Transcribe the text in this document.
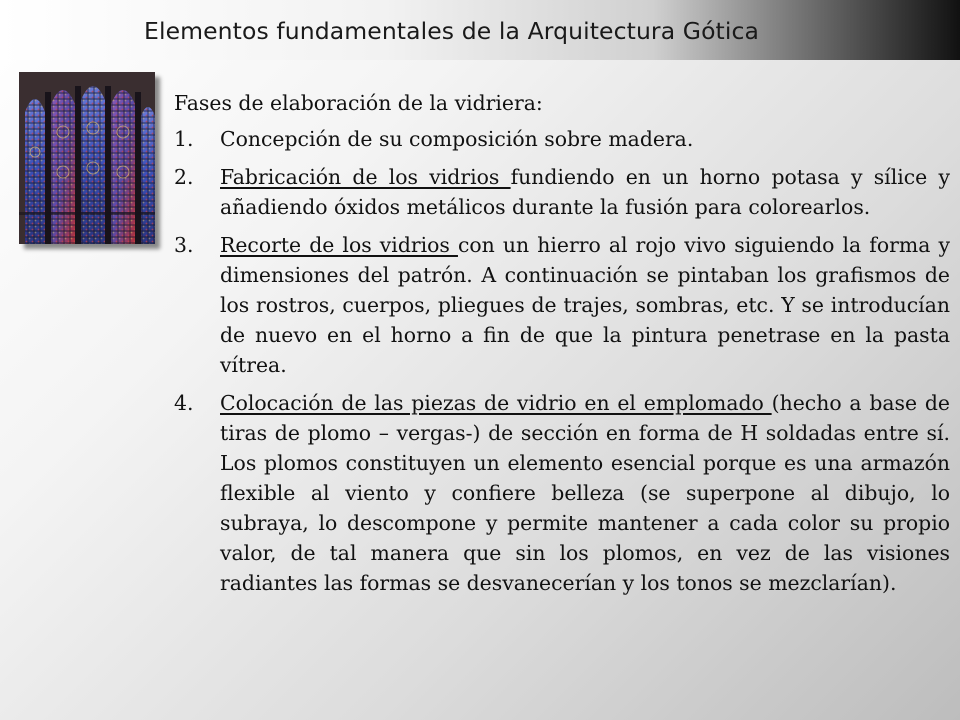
Elementos fundamentales de la Arquitectura Gótica

Fases de elaboración de la vidriera:

1. Concepción de su composición sobre madera.
2. Fabricación de los vidrios fundiendo en un horno potasa y sílice y añadiendo óxidos metálicos durante la fusión para colorearlos.
3. Recorte de los vidrios con un hierro al rojo vivo siguiendo la forma y dimensiones del patrón. A continuación se pintaban los grafismos de los rostros, cuerpos, pliegues de trajes, sombras, etc. Y se introducían de nuevo en el horno a fin de que la pintura penetrase en la pasta vítrea.
4. Colocación de las piezas de vidrio en el emplomado (hecho a base de tiras de plomo – vergas-) de sección en forma de H soldadas entre sí. Los plomos constituyen un elemento esencial porque es una armazón flexible al viento y confiere belleza (se superpone al dibujo, lo subraya, lo descompone y permite mantener a cada color su propio valor, de tal manera que sin los plomos, en vez de las visiones radiantes las formas se desvanecerían y los tonos se mezclarían).
